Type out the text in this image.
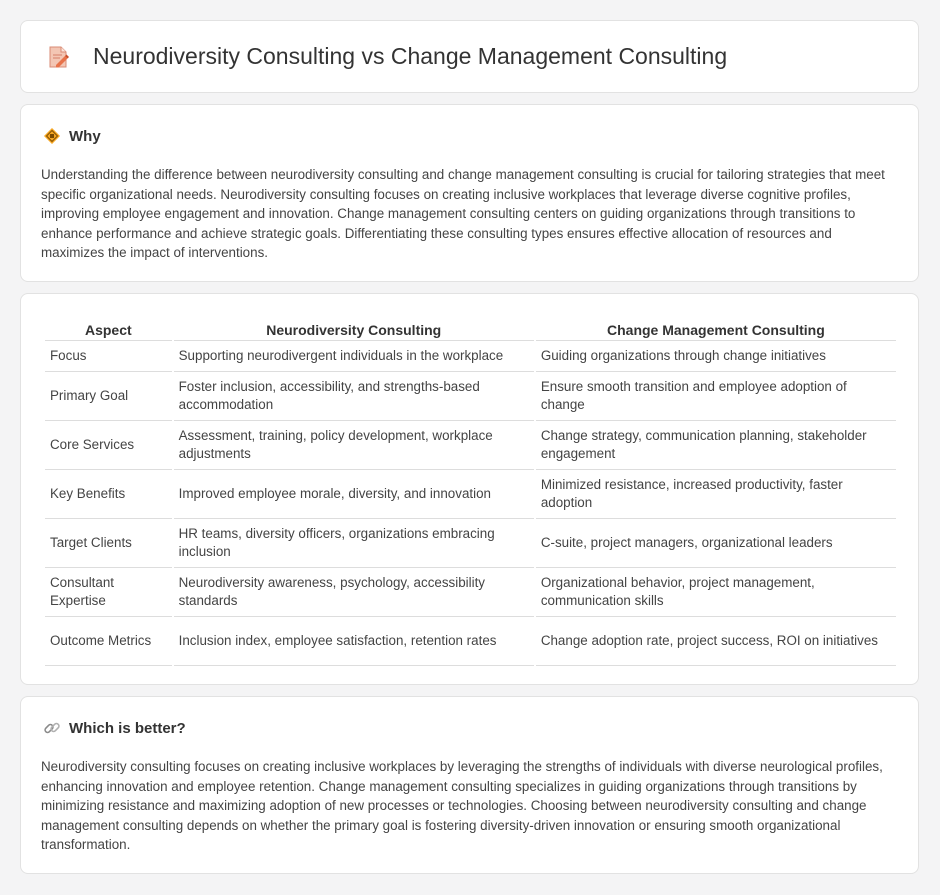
Neurodiversity Consulting vs Change Management Consulting
Why

Understanding the difference between neurodiversity consulting and change management consulting is crucial for tailoring strategies that meet specific organizational needs. Neurodiversity consulting focuses on creating inclusive workplaces that leverage diverse cognitive profiles, improving employee engagement and innovation. Change management consulting centers on guiding organizations through transitions to enhance performance and achieve strategic goals. Differentiating these consulting types ensures effective allocation of resources and maximizes the impact of interventions.

Aspect	Neurodiversity Consulting	Change Management Consulting
Focus	Supporting neurodivergent individuals in the workplace	Guiding organizations through change initiatives
Primary Goal	Foster inclusion, accessibility, and strengths-based accommodation	Ensure smooth transition and employee adoption of change
Core Services	Assessment, training, policy development, workplace adjustments	Change strategy, communication planning, stakeholder engagement
Key Benefits	Improved employee morale, diversity, and innovation	Minimized resistance, increased productivity, faster adoption
Target Clients	HR teams, diversity officers, organizations embracing inclusion	C-suite, project managers, organizational leaders
Consultant Expertise	Neurodiversity awareness, psychology, accessibility standards	Organizational behavior, project management, communication skills
Outcome Metrics	Inclusion index, employee satisfaction, retention rates	Change adoption rate, project success, ROI on initiatives
Which is better?

Neurodiversity consulting focuses on creating inclusive workplaces by leveraging the strengths of individuals with diverse neurological profiles, enhancing innovation and employee retention. Change management consulting specializes in guiding organizations through transitions by minimizing resistance and maximizing adoption of new processes or technologies. Choosing between neurodiversity consulting and change management consulting depends on whether the primary goal is fostering diversity-driven innovation or ensuring smooth organizational transformation.
